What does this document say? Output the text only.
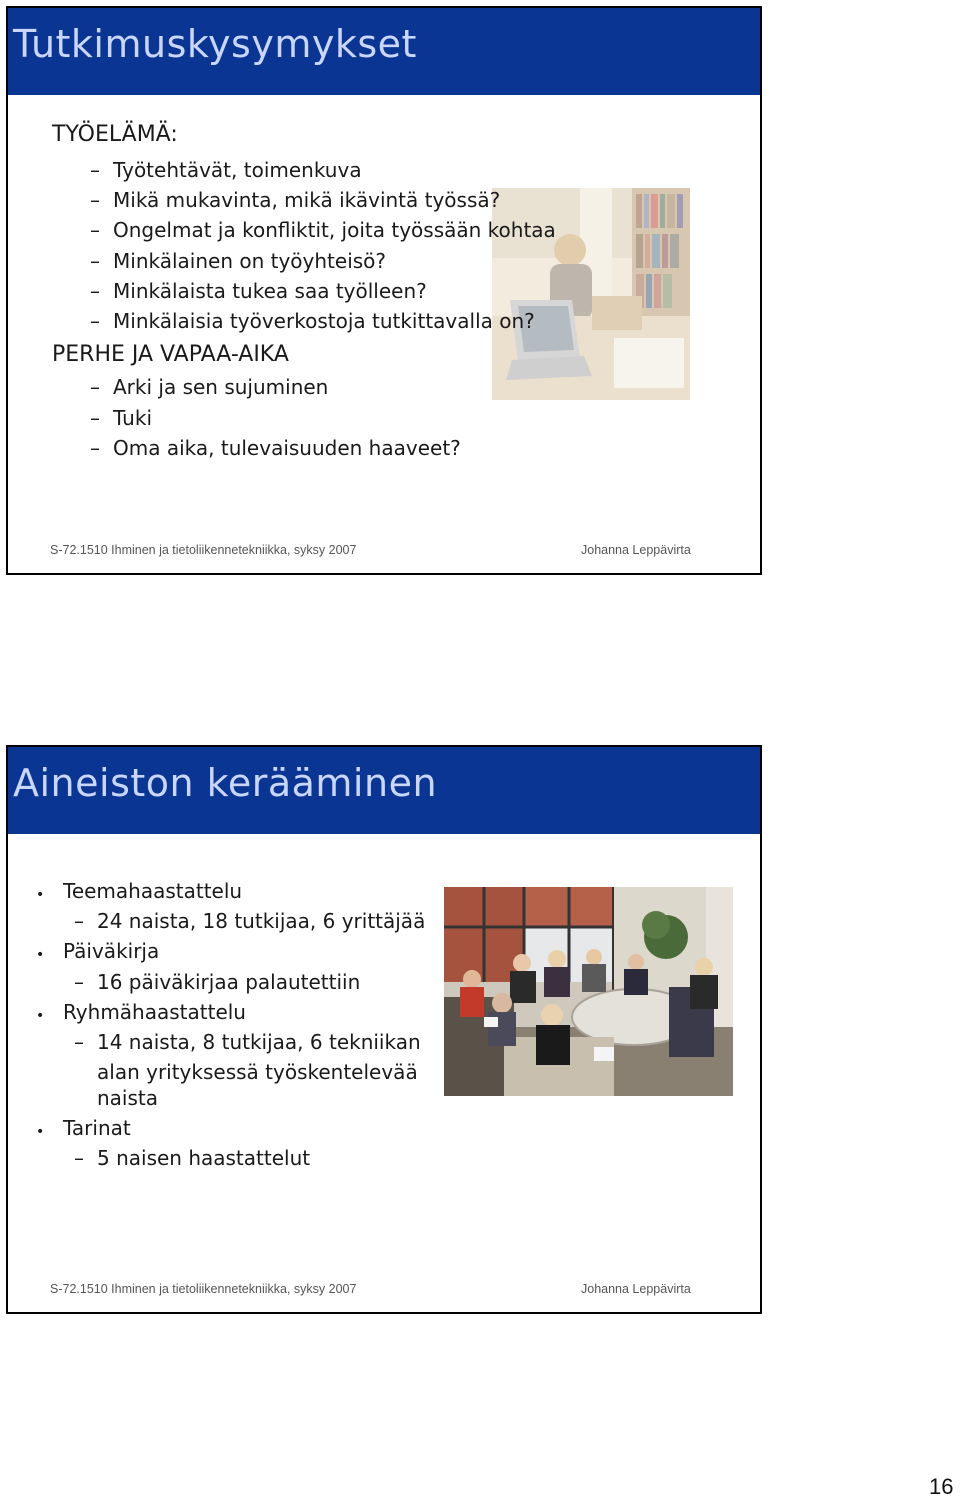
Tutkimuskysymykset
TYÖELÄMÄ:
– Työtehtävät, toimenkuva
– Mikä mukavinta, mikä ikävintä työssä?
– Ongelmat ja konfliktit, joita työssään kohtaa
– Minkälainen on työyhteisö?
– Minkälaista tukea saa työlleen?
– Minkälaisia työverkostoja tutkittavalla on?
PERHE JA VAPAA-AIKA
– Arki ja sen sujuminen
– Tuki
– Oma aika, tulevaisuuden haaveet?
S-72.1510 Ihminen ja tietoliikennetekniikka, syksy 2007	Johanna Leppävirta
Aineiston kerääminen
• Teemahaastattelu
– 24 naista, 18 tutkijaa, 6 yrittäjää
• Päiväkirja
– 16 päiväkirjaa palautettiin
• Ryhmähaastattelu
– 14 naista, 8 tutkijaa, 6 tekniikan
alan yrityksessä työskentelevää
naista
• Tarinat
– 5 naisen haastattelut
S-72.1510 Ihminen ja tietoliikennetekniikka, syksy 2007	Johanna Leppävirta
16
